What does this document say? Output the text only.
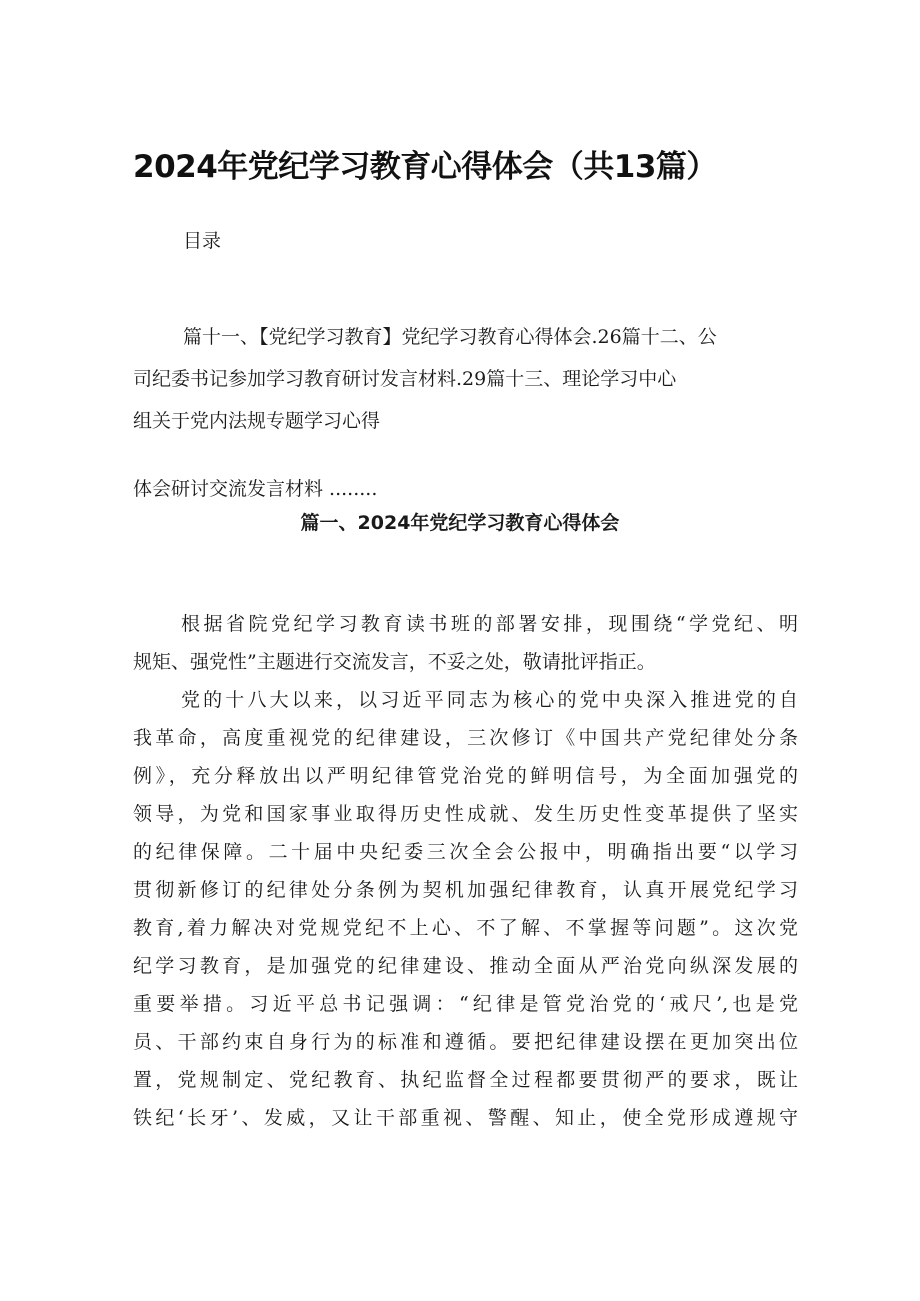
2024年党纪学习教育心得体会（共13篇）
目录
篇十一、【党纪学习教育】党纪学习教育心得体会.26篇十二、公
司纪委书记参加学习教育研讨发言材料.29篇十三、理论学习中心
组关于党内法规专题学习心得
体会研讨交流发言材料 ........
篇一、2024年党纪学习教育心得体会
根据省院党纪学习教育读书班的部署安排，现围绕“学党纪、明
规矩、强党性”主题进行交流发言，不妥之处，敬请批评指正。
党的十八大以来，以习近平同志为核心的党中央深入推进党的自
我革命，高度重视党的纪律建设，三次修订《中国共产党纪律处分条
例》，充分释放出以严明纪律管党治党的鲜明信号，为全面加强党的
领导，为党和国家事业取得历史性成就、发生历史性变革提供了坚实
的纪律保障。二十届中央纪委三次全会公报中，明确指出要“以学习
贯彻新修订的纪律处分条例为契机加强纪律教育，认真开展党纪学习
教育,着力解决对党规党纪不上心、不了解、不掌握等问题”。这次党
纪学习教育，是加强党的纪律建设、推动全面从严治党向纵深发展的
重要举措。习近平总书记强调：“纪律是管党治党的‘戒尺’,也是党
员、干部约束自身行为的标准和遵循。要把纪律建设摆在更加突出位
置，党规制定、党纪教育、执纪监督全过程都要贯彻严的要求，既让
铁纪‘长牙’、发威，又让干部重视、警醒、知止，使全党形成遵规守
